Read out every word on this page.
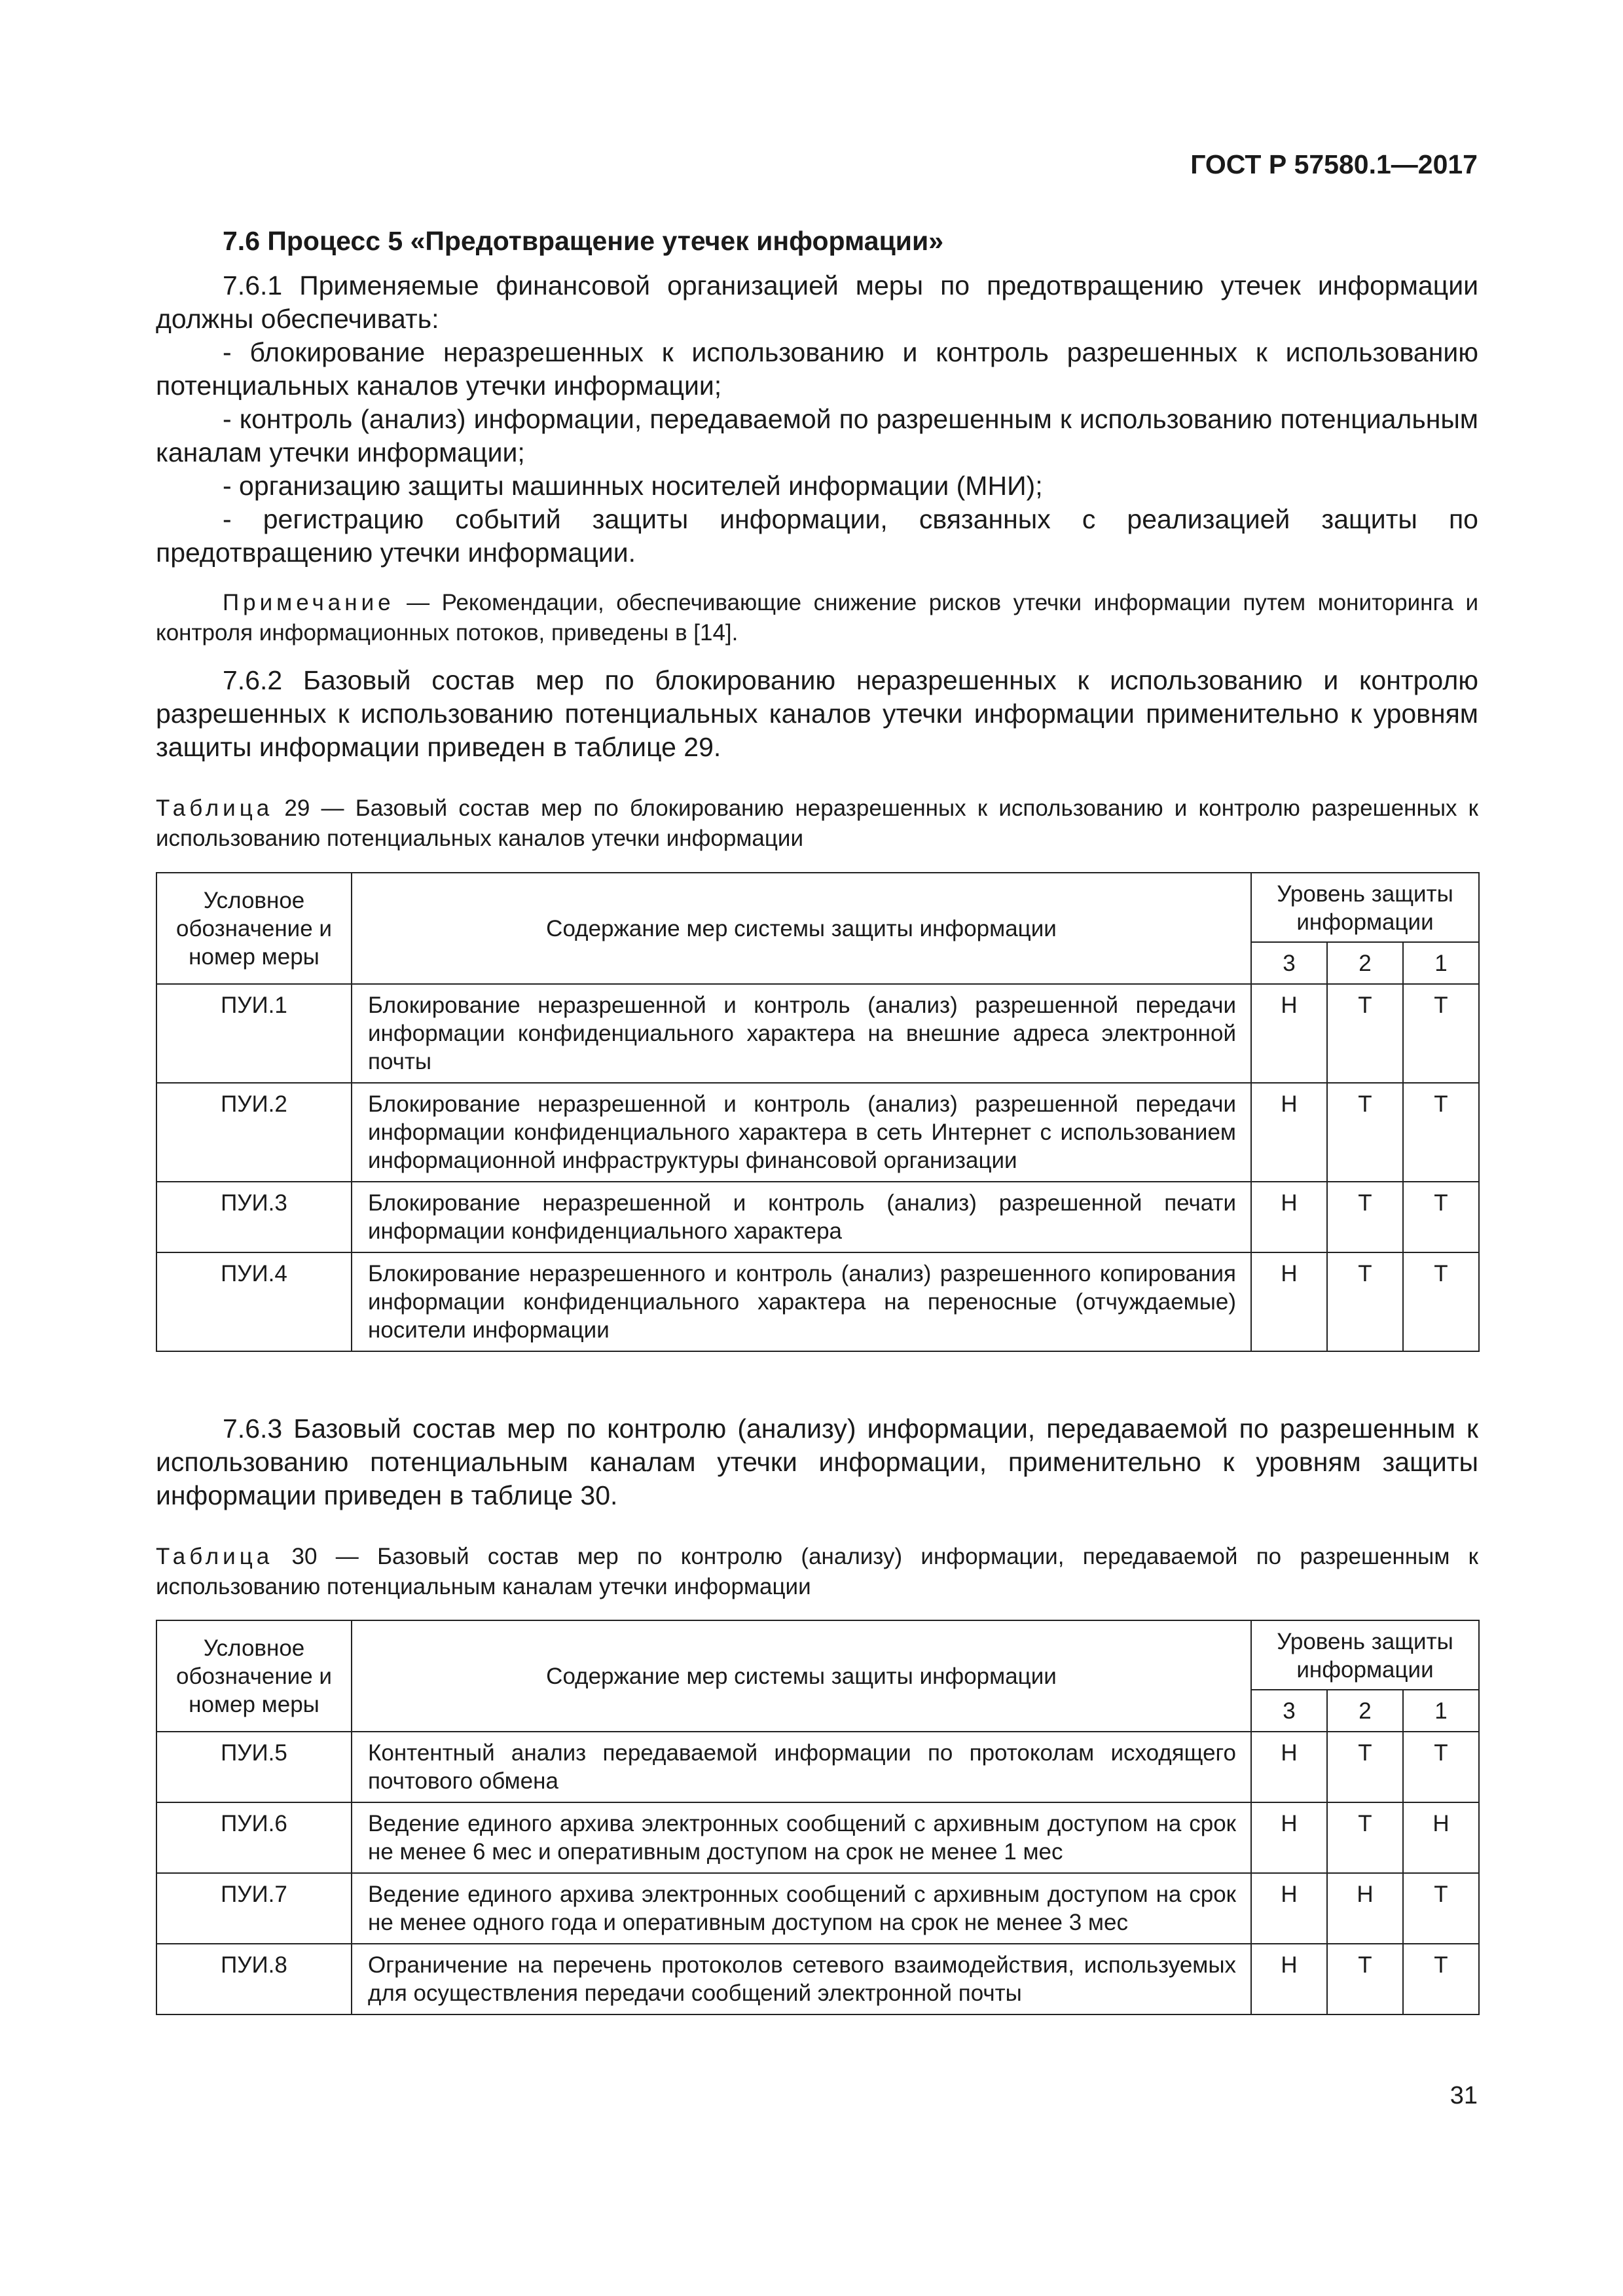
ГОСТ Р 57580.1—2017
7.6 Процесс 5 «Предотвращение утечек информации»
7.6.1 Применяемые финансовой организацией меры по предотвращению утечек информации должны обеспечивать:
- блокирование неразрешенных к использованию и контроль разрешенных к использованию потенциальных каналов утечки информации;
- контроль (анализ) информации, передаваемой по разрешенным к использованию потенциальным каналам утечки информации;
- организацию защиты машинных носителей информации (МНИ);
- регистрацию событий защиты информации, связанных с реализацией защиты по предотвращению утечки информации.
Примечание — Рекомендации, обеспечивающие снижение рисков утечки информации путем мониторинга и контроля информационных потоков, приведены в [14].
7.6.2 Базовый состав мер по блокированию неразрешенных к использованию и контролю разрешенных к использованию потенциальных каналов утечки информации применительно к уровням защиты информации приведен в таблице 29.
Таблица 29 — Базовый состав мер по блокированию неразрешенных к использованию и контролю разрешенных к использованию потенциальных каналов утечки информации
Условное обозначение и номер меры	Содержание мер системы защиты информации	Уровень защиты информации		
		3	2	1
ПУИ.1	Блокирование неразрешенной и контроль (анализ) разрешенной передачи информации конфиденциального характера на внешние адреса электронной почты	Н	Т	Т
ПУИ.2	Блокирование неразрешенной и контроль (анализ) разрешенной передачи информации конфиденциального характера в сеть Интернет с использованием информационной инфраструктуры финансовой организации	Н	Т	Т
ПУИ.3	Блокирование неразрешенной и контроль (анализ) разрешенной печати информации конфиденциального характера	Н	Т	Т
ПУИ.4	Блокирование неразрешенного и контроль (анализ) разрешенного копирования информации конфиденциального характера на переносные (отчуждаемые) носители информации	Н	Т	Т
7.6.3 Базовый состав мер по контролю (анализу) информации, передаваемой по разрешенным к использованию потенциальным каналам утечки информации, применительно к уровням защиты информации приведен в таблице 30.
Таблица 30 — Базовый состав мер по контролю (анализу) информации, передаваемой по разрешенным к использованию потенциальным каналам утечки информации
Условное обозначение и номер меры	Содержание мер системы защиты информации	Уровень защиты информации		
		3	2	1
ПУИ.5	Контентный анализ передаваемой информации по протоколам исходящего почтового обмена	Н	Т	Т
ПУИ.6	Ведение единого архива электронных сообщений с архивным доступом на срок не менее 6 мес и оперативным доступом на срок не менее 1 мес	Н	Т	Н
ПУИ.7	Ведение единого архива электронных сообщений с архивным доступом на срок не менее одного года и оперативным доступом на срок не менее 3 мес	Н	Н	Т
ПУИ.8	Ограничение на перечень протоколов сетевого взаимодействия, используемых для осуществления передачи сообщений электронной почты	Н	Т	Т
31
